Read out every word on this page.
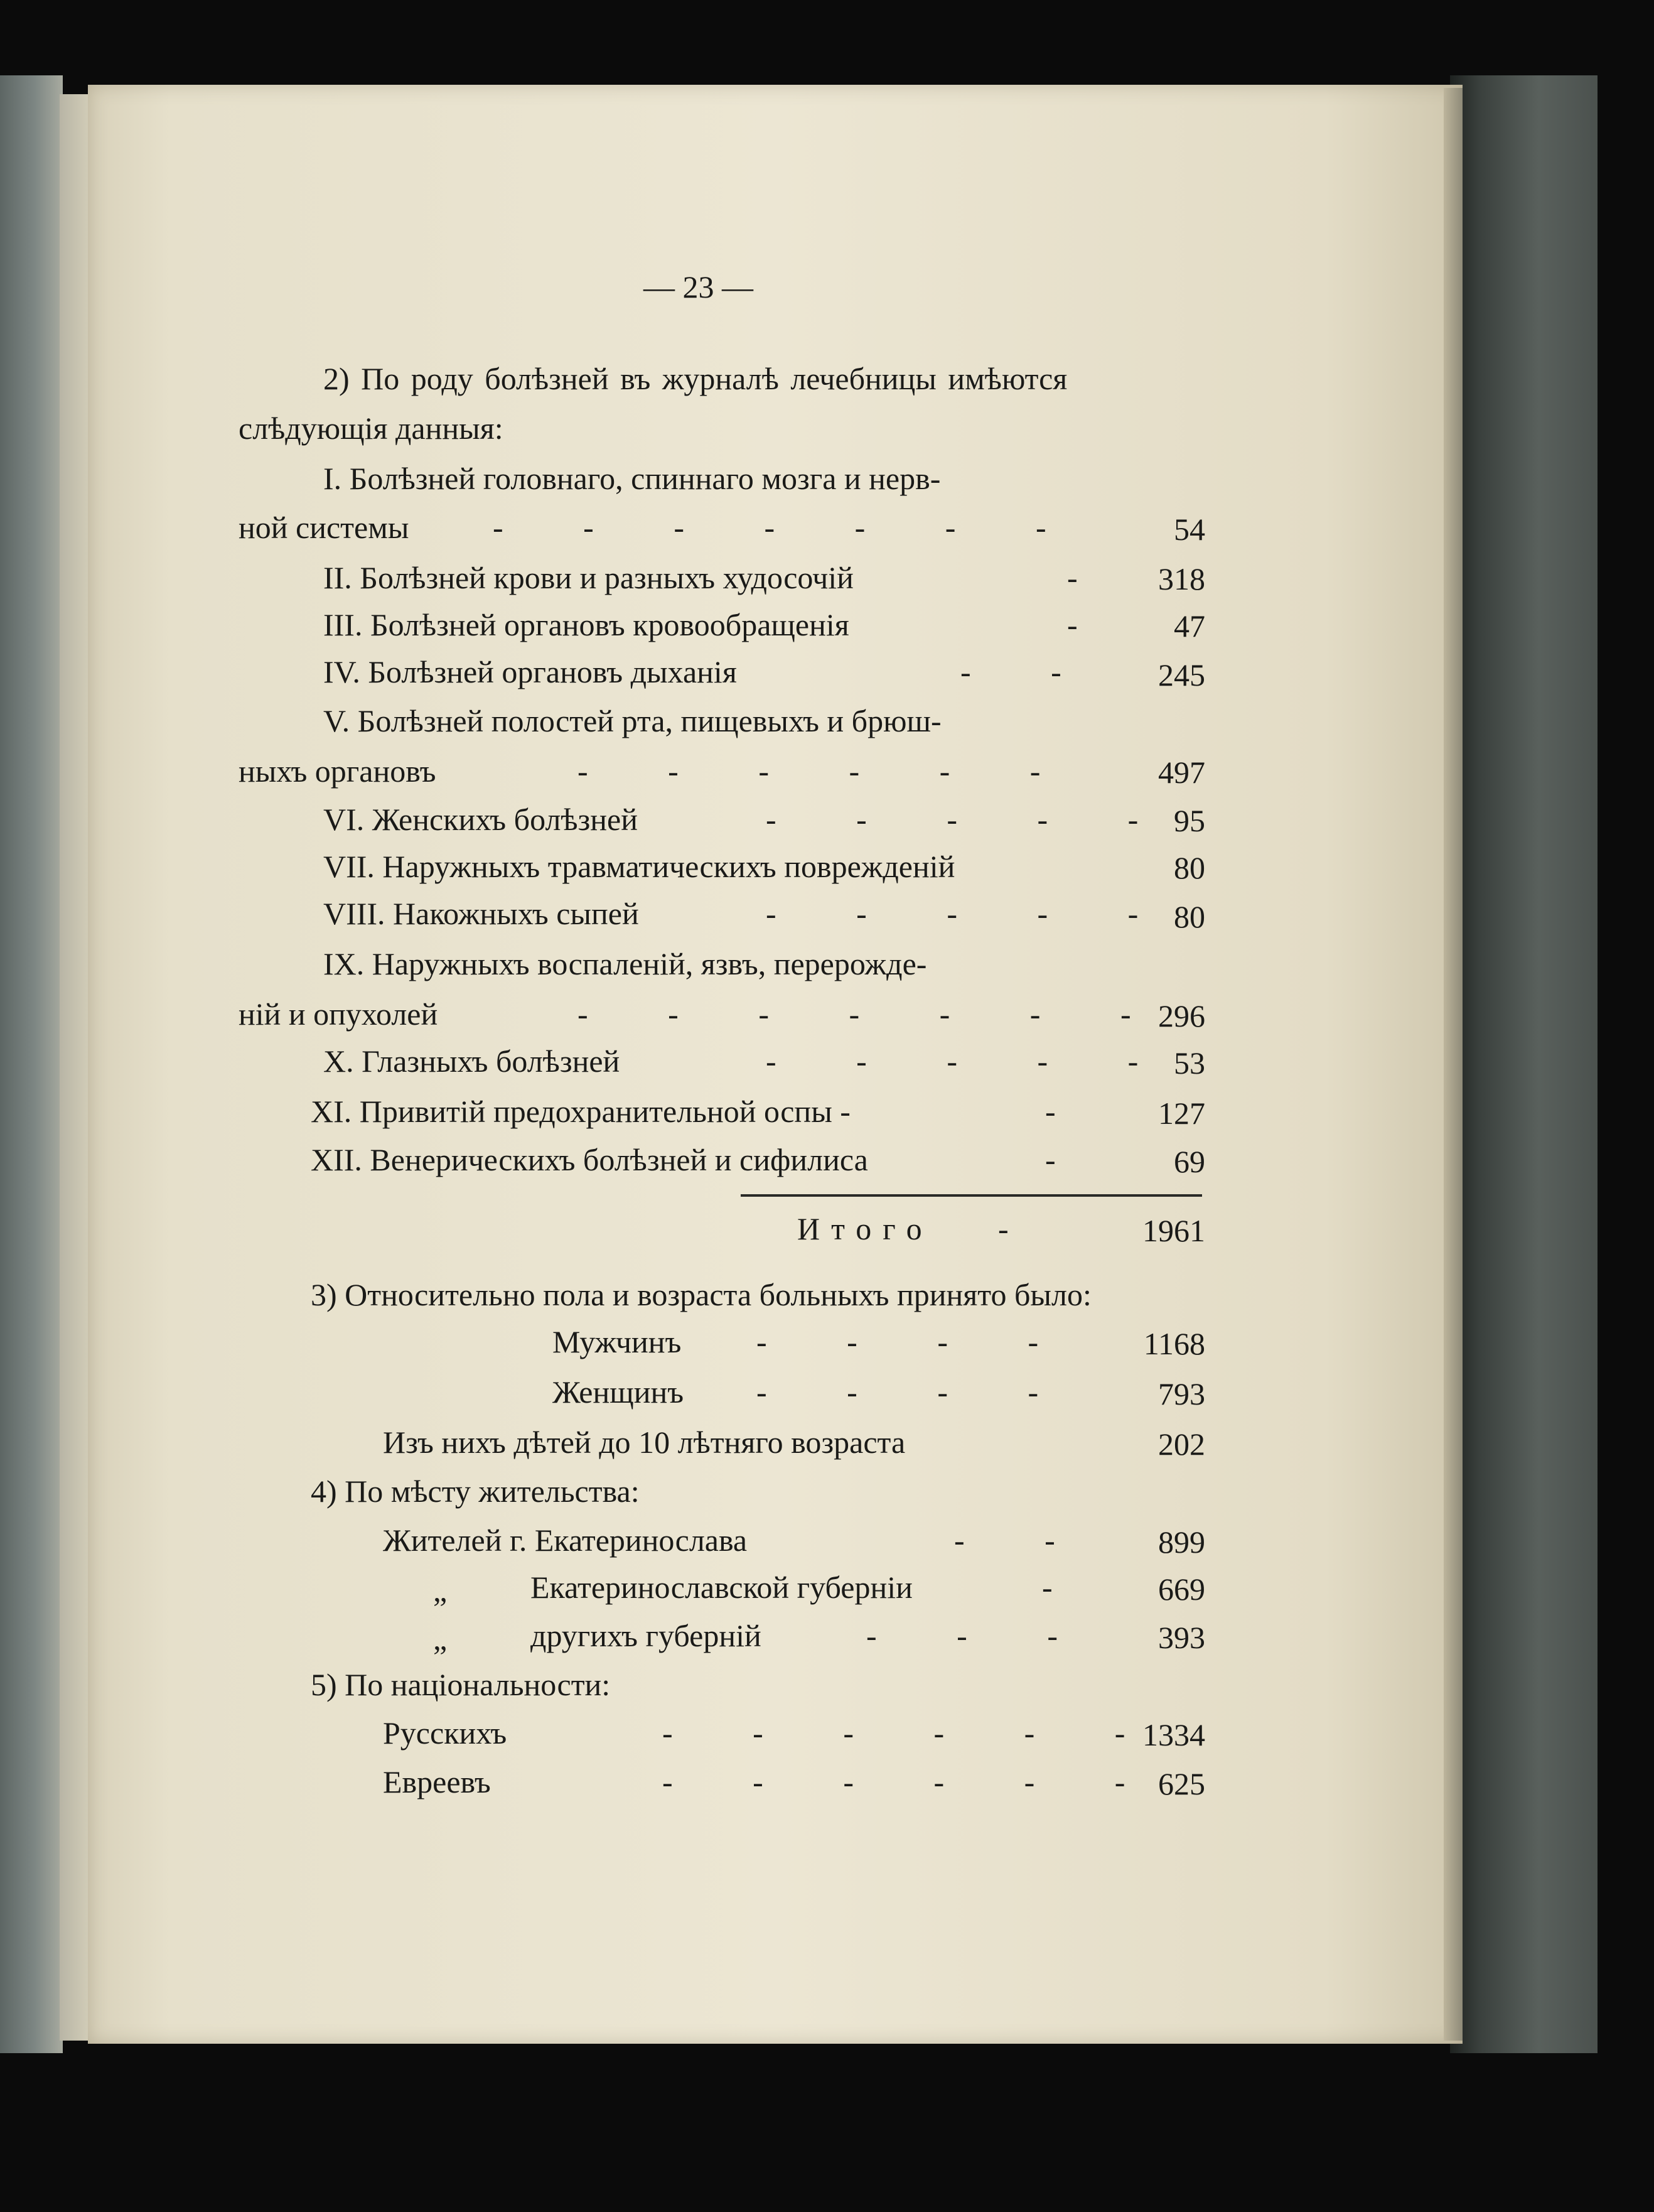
— 23 —
2) По роду болѣзней въ журналѣ лечебницы имѣются
слѣдующія данныя:
I. Болѣзней головнаго, спиннаго мозга и нерв-
ной системы	-	-	-	-	-	-	-	54
II. Болѣзней крови и разныхъ худосочій	-	318
III. Болѣзней органовъ кровообращенія	-	47
IV. Болѣзней органовъ дыханія	-	-	245
V. Болѣзней полостей рта, пищевыхъ и брюш-
ныхъ органовъ	-	-	-	-	-	-	497
VI. Женскихъ болѣзней	-	-	-	-	-	95
VII. Наружныхъ травматическихъ поврежденій	80
VIII. Накожныхъ сыпей	-	-	-	-	-	80
IX. Наружныхъ воспаленій, язвъ, перерожде-
ній и опухолей	-	-	-	-	-	-	- 296
X. Глазныхъ болѣзней	-	-	-	-	-	53
XI. Привитій предохранительной оспы -	-	127
XII. Венерическихъ болѣзней и сифилиса	-	69
Итого -	1961
3) Относительно пола и возраста больныхъ принято было:
Мужчинъ -	-	-	-	1168
Женщинъ -	-	-	-	793
Изъ нихъ дѣтей до 10 лѣтняго возраста	202
4) По мѣсту жительства:
Жителей г. Екатеринослава	-	-	899
„	Екатеринославской губерніи	-	669
„	другихъ губерній	-	-	-	393
5) По національности:
Русскихъ	-	-	-	-	-	- 1334
Евреевъ	-	-	-	-	-	-	625
